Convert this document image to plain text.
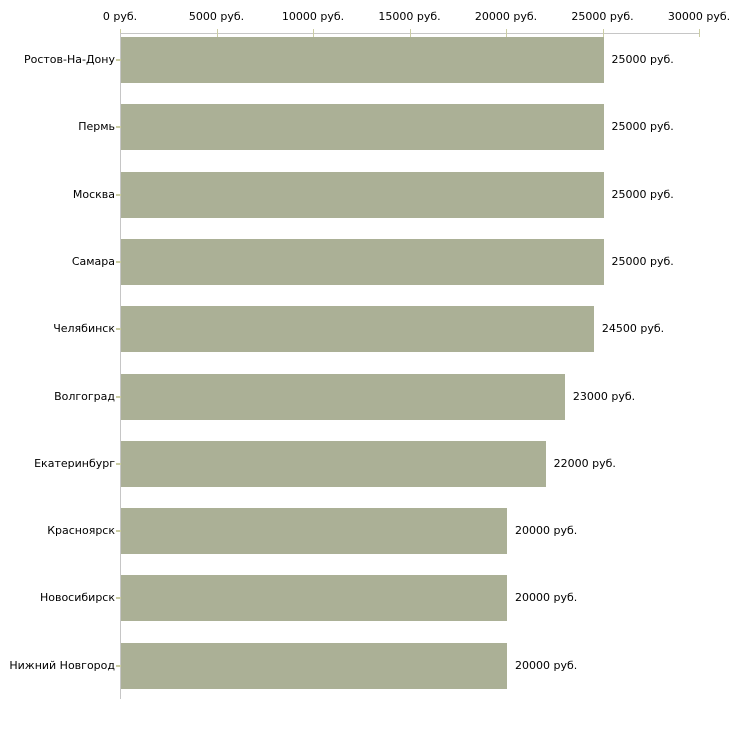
0 руб.	5000 руб.	10000 руб.	15000 руб.	20000 руб.	25000 руб.	30000 руб.
Ростов-На-Дону	25000 руб.
Пермь	25000 руб.
Москва	25000 руб.
Самара	25000 руб.
Челябинск	24500 руб.
Волгоград	23000 руб.
Екатеринбург	22000 руб.
Красноярск	20000 руб.
Новосибирск	20000 руб.
Нижний Новгород	20000 руб.
